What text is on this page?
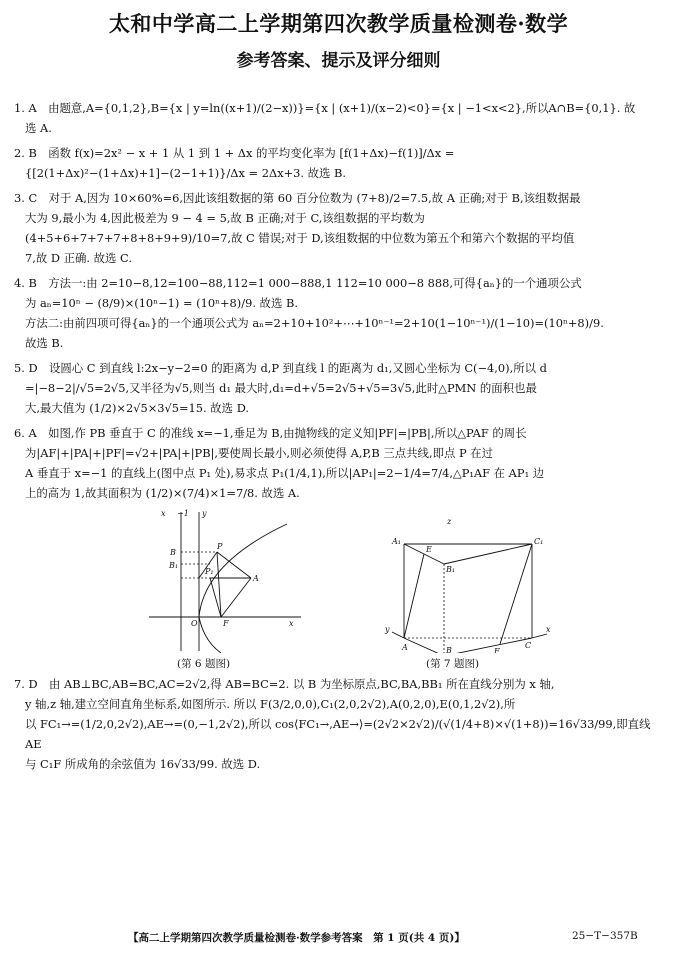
太和中学高二上学期第四次教学质量检测卷·数学
参考答案、提示及评分细则

1. A　由题意,A={0,1,2},B={x | y=ln((x+1)/(2−x))}={x | (x+1)/(x−2)<0}={x | −1<x<2},所以A∩B={0,1}. 故

选 A.

2. B　函数 f(x)=2x² − x + 1 从 1 到 1 + Δx 的平均变化率为 [f(1+Δx)−f(1)]/Δx =

{[2(1+Δx)²−(1+Δx)+1]−(2−1+1)}/Δx = 2Δx+3. 故选 B.

3. C　对于 A,因为 10×60%=6,因此该组数据的第 60 百分位数为 (7+8)/2=7.5,故 A 正确;对于 B,该组数据最

大为 9,最小为 4,因此极差为 9 − 4 = 5,故 B 正确;对于 C,该组数据的平均数为

(4+5+6+7+7+7+8+8+9+9)/10=7,故 C 错误;对于 D,该组数据的中位数为第五个和第六个数据的平均值

7,故 D 正确. 故选 C.

4. B　方法一:由 2=10−8,12=100−88,112=1 000−888,1 112=10 000−8 888,可得{aₙ}的一个通项公式

为 aₙ=10ⁿ − (8/9)×(10ⁿ−1) = (10ⁿ+8)/9. 故选 B.

方法二:由前四项可得{aₙ}的一个通项公式为 aₙ=2+10+10²+⋯+10ⁿ⁻¹=2+10(1−10ⁿ⁻¹)/(1−10)=(10ⁿ+8)/9.

故选 B.

5. D　设圆心 C 到直线 l:2x−y−2=0 的距离为 d,P 到直线 l 的距离为 d₁,又圆心坐标为 C(−4,0),所以 d

=|−8−2|/√5=2√5,又半径为√5,则当 d₁ 最大时,d₁=d+√5=2√5+√5=3√5,此时△PMN 的面积也最

大,最大值为 (1/2)×2√5×3√5=15. 故选 D.

6. A　如图,作 PB 垂直于 C 的准线 x=−1,垂足为 B,由抛物线的定义知|PF|=|PB|,所以△PAF 的周长

为|AF|+|PA|+|PF|=√2+|PA|+|PB|,要使周长最小,则必须使得 A,P,B 三点共线,即点 P 在过

A 垂直于 x=−1 的直线上(图中点 P₁ 处),易求点 P₁(1/4,1),所以|AP₁|=2−1/4=7/4,△P₁AF 在 AP₁ 边

上的高为 1,故其面积为 (1/2)×(7/4)×1=7/8. 故选 A.

x −1 y
P
P₁
B
B₁
A
O	F	x
(第 6 题图)
A₁
E
C₁
B₁
A	F
C
B
x
y
z
(第 7 题图)

7. D　由 AB⊥BC,AB=BC,AC=2√2,得 AB=BC=2. 以 B 为坐标原点,BC,BA,BB₁ 所在直线分别为 x 轴,

y 轴,z 轴,建立空间直角坐标系,如图所示. 所以 F(3/2,0,0),C₁(2,0,2√2),A(0,2,0),E(0,1,2√2),所

以 FC₁→=(1/2,0,2√2),AE→=(0,−1,2√2),所以 cos⟨FC₁→,AE→⟩=(2√2×2√2)/(√(1/4+8)×√(1+8))=16√33/99,即直线 AE

与 C₁F 所成角的余弦值为 16√33/99. 故选 D.

【高二上学期第四次教学质量检测卷·数学参考答案　第 1 页(共 4 页)】	25−T−357B
